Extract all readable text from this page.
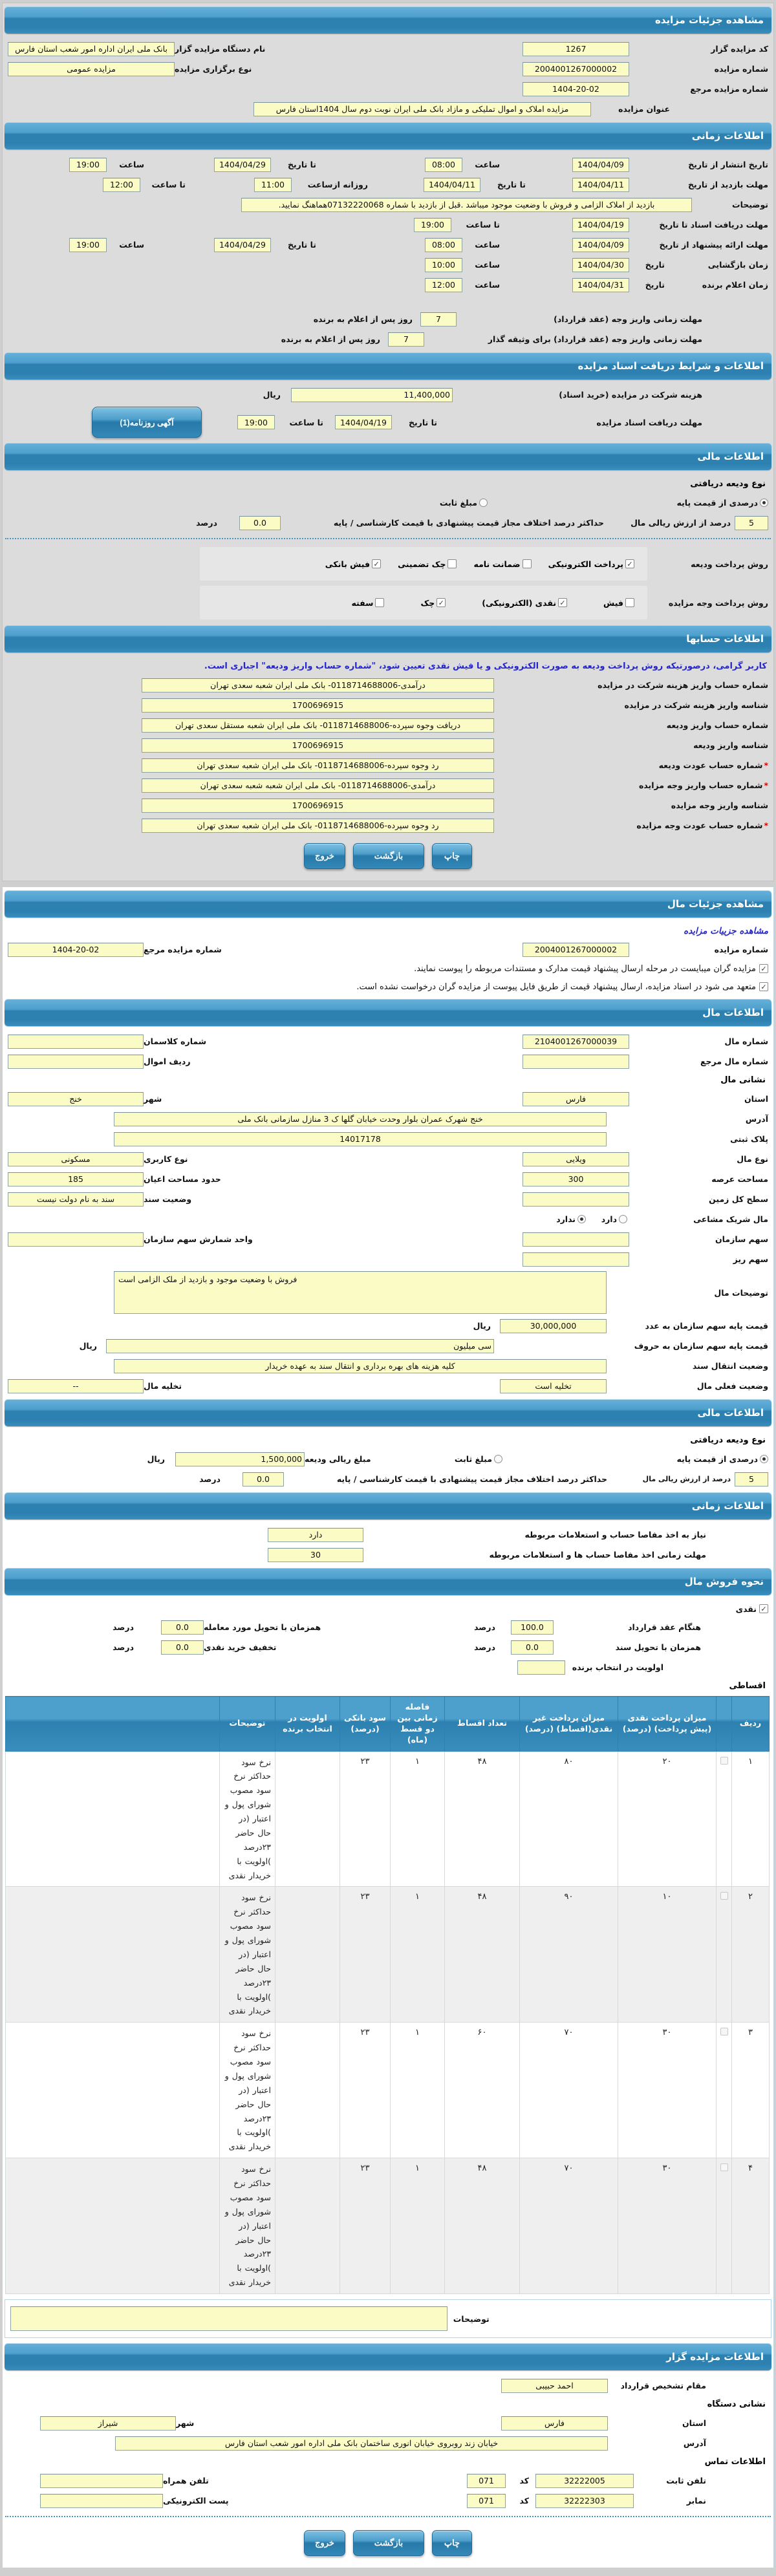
مشاهده جزئیات مزایده
کد مزایده گزار
1267
نام دستگاه مزایده گزار
بانک ملی ایران اداره امور شعب استان فارس
شماره مزایده
2004001267000002
نوع برگزاری مزایده
مزایده عمومی
شماره مزایده مرجع
1404-20-02
عنوان مزایده
مزایده املاک و اموال تملیکی و مازاد بانک ملی ایران نوبت دوم سال 1404استان فارس
اطلاعات زمانی
تاریخ انتشار از تاریخ
1404/04/09
ساعت
08:00
تا تاریخ
1404/04/29
ساعت
19:00
مهلت بازدید از تاریخ
1404/04/11
تا تاریخ
1404/04/11
روزانه ازساعت
11:00
تا ساعت
12:00
توضیحات
بازدید از املاک الزامی و فروش با وضعیت موجود میباشد .قبل از بازدید با شماره 07132220068هماهنگ نمایید.
مهلت دریافت اسناد تا تاریخ
1404/04/19
تا ساعت
19:00
مهلت ارائه پیشنهاد از تاریخ
1404/04/09
ساعت
08:00
تا تاریخ
1404/04/29
ساعت
19:00
زمان بازگشایی
تاریخ
1404/04/30
ساعت
10:00
زمان اعلام برنده
تاریخ
1404/04/31
ساعت
12:00
مهلت زمانی واریز وجه (عقد قرارداد)
7
روز پس از اعلام به برنده
مهلت زمانی واریز وجه (عقد قرارداد) برای وثیقه گذار
7
روز پس از اعلام به برنده
اطلاعات و شرایط دریافت اسناد مزایده
هزینه شرکت در مزایده (خرید اسناد)
11,400,000
ریال
مهلت دریافت اسناد مزایده
تا تاریخ
1404/04/19
تا ساعت
19:00
آگهی روزنامه(1)
اطلاعات مالی
نوع ودیعه دریافتی
درصدی از قیمت پایه
مبلغ ثابت
5
درصد از ارزش ریالی مال
حداکثر درصد اختلاف مجاز قیمت پیشنهادی با قیمت کارشناسی / پایه
0.0
درصد
روش پرداخت ودیعه
✓
پرداخت الکترونیکی
ضمانت نامه
چک تضمینی
✓
فیش بانکی
روش پرداخت وجه مزایده
فیش
✓
نقدی (الکترونیکی)
✓
چک
سفته
اطلاعات حسابها
کاربر گرامی، درصورتیکه روش پرداخت ودیعه به صورت الکترونیکی و یا فیش نقدی تعیین شود، "شماره حساب واریز ودیعه" اجباری است.
شماره حساب واریز هزینه شرکت در مزایده
درآمدی-0118714688006- بانک ملی ایران شعبه سعدی تهران
شناسه واریز هزینه شرکت در مزایده
1700696915
شماره حساب واریز ودیعه
دریافت وجوه سپرده-0118714688006- بانک ملی ایران شعبه مستقل سعدی تهران
شناسه واریز ودیعه
1700696915
* شماره حساب عودت ودیعه
رد وجوه سپرده-0118714688006- بانک ملی ایران شعبه سعدی تهران
* شماره حساب واریز وجه مزایده
درآمدی-0118714688006- بانک ملی ایران شعبه شعبه سعدی تهران
شناسه واریز وجه مزایده
1700696915
* شماره حساب عودت وجه مزایده
رد وجوه سپرده-0118714688006- بانک ملی ایران شعبه سعدی تهران
چاپ
بازگشت
خروج
مشاهده جزئیات مال
مشاهده جزییات مزایده
شماره مزایده
2004001267000002
شماره مزایده مرجع
1404-20-02
✓
مزایده گران میبایست در مرحله ارسال پیشنهاد قیمت مدارک و مستندات مربوطه را پیوست نمایند.
✓
متعهد می شود در اسناد مزایده، ارسال پیشنهاد قیمت از طریق فایل پیوست از مزایده گران درخواست نشده است.
اطلاعات مال
شماره مال
2104001267000039
شماره کلاسمان
شماره مال مرجع
ردیف اموال
نشانی مال
استان
فارس
شهر
خنج
آدرس
خنج شهرک عمران بلوار وحدت خیابان گلها ک 3 منازل سازمانی بانک ملی
پلاک ثبتی
14017178
نوع مال
ویلایی
نوع کاربری
مسکونی
مساحت عرصه
300
حدود مساحت اعیان
185
سطح کل زمین
وضعیت سند
سند به نام دولت نیست
مال شریک مشاعی
دارد
ندارد
سهم سازمان
واحد شمارش سهم سازمان
سهم ریز
توضیحات مال
فروش با وضعیت موجود و بازدید از ملک الزامی است
قیمت پایه سهم سازمان به عدد
30,000,000
ریال
قیمت پایه سهم سازمان به حروف
سی میلیون
ریال
وضعیت انتقال سند
کلیه هزینه های بهره برداری و انتقال سند به عهده خریدار
وضعیت فعلی مال
تخلیه است
تخلیه مال
--
اطلاعات مالی
نوع ودیعه دریافتی
درصدی از قیمت پایه
مبلغ ثابت
مبلغ ریالی ودیعه
1,500,000
ریال
5
درصد از ارزش ریالی مال
حداکثر درصد اختلاف مجاز قیمت پیشنهادی با قیمت کارشناسی / پایه
0.0
درصد
اطلاعات زمانی
نیاز به اخذ مفاصا حساب و استعلامات مربوطه
دارد
مهلت زمانی اخذ مفاصا حساب ها و استعلامات مربوطه
30
نحوه فروش مال
✓
نقدی
هنگام عقد قرارداد
100.0
درصد
همزمان با تحویل مورد معامله
0.0
درصد
همزمان با تحویل سند
0.0
درصد
تخفیف خرید نقدی
0.0
درصد
اولویت در انتخاب برنده
اقساطی
ردیف		میزان پرداخت نقدی (پیش پرداخت) (درصد)	میزان پرداخت غیر نقدی(اقساط) (درصد)	تعداد اقساط	فاصله زمانی بین دو قسط (ماه)	سود بانکی (درصد)	اولویت در انتخاب برنده	توضیحات	
۱		۲۰	۸۰	۴۸	۱	۲۳		نرخ سود حداکثر نرخ سود مصوب شورای پول و اعتبار (در حال حاضر ۲۳درصد )اولویت با خریدار نقدی	
۲		۱۰	۹۰	۴۸	۱	۲۳		نرخ سود حداکثر نرخ سود مصوب شورای پول و اعتبار (در حال حاضر ۲۳درصد )اولویت با خریدار نقدی	
۳		۳۰	۷۰	۶۰	۱	۲۳		نرخ سود حداکثر نرخ سود مصوب شورای پول و اعتبار (در حال حاضر ۲۳درصد )اولویت با خریدار نقدی	
۴		۳۰	۷۰	۴۸	۱	۲۳		نرخ سود حداکثر نرخ سود مصوب شورای پول و اعتبار (در حال حاضر ۲۳درصد )اولویت با خریدار نقدی	
توضیحات
اطلاعات مزایده گزار
مقام تشخیص قرارداد
احمد حبیبی
نشانی دستگاه
استان
فارس
شهر
شیراز
آدرس
خیابان زند روبروی خیابان انوری ساختمان بانک ملی اداره امور شعب استان فارس
اطلاعات تماس
تلفن ثابت
32222005
کد
071
تلفن همراه
نمابر
32222303
کد
071
پست الکترونیکی
چاپ
بازگشت
خروج
